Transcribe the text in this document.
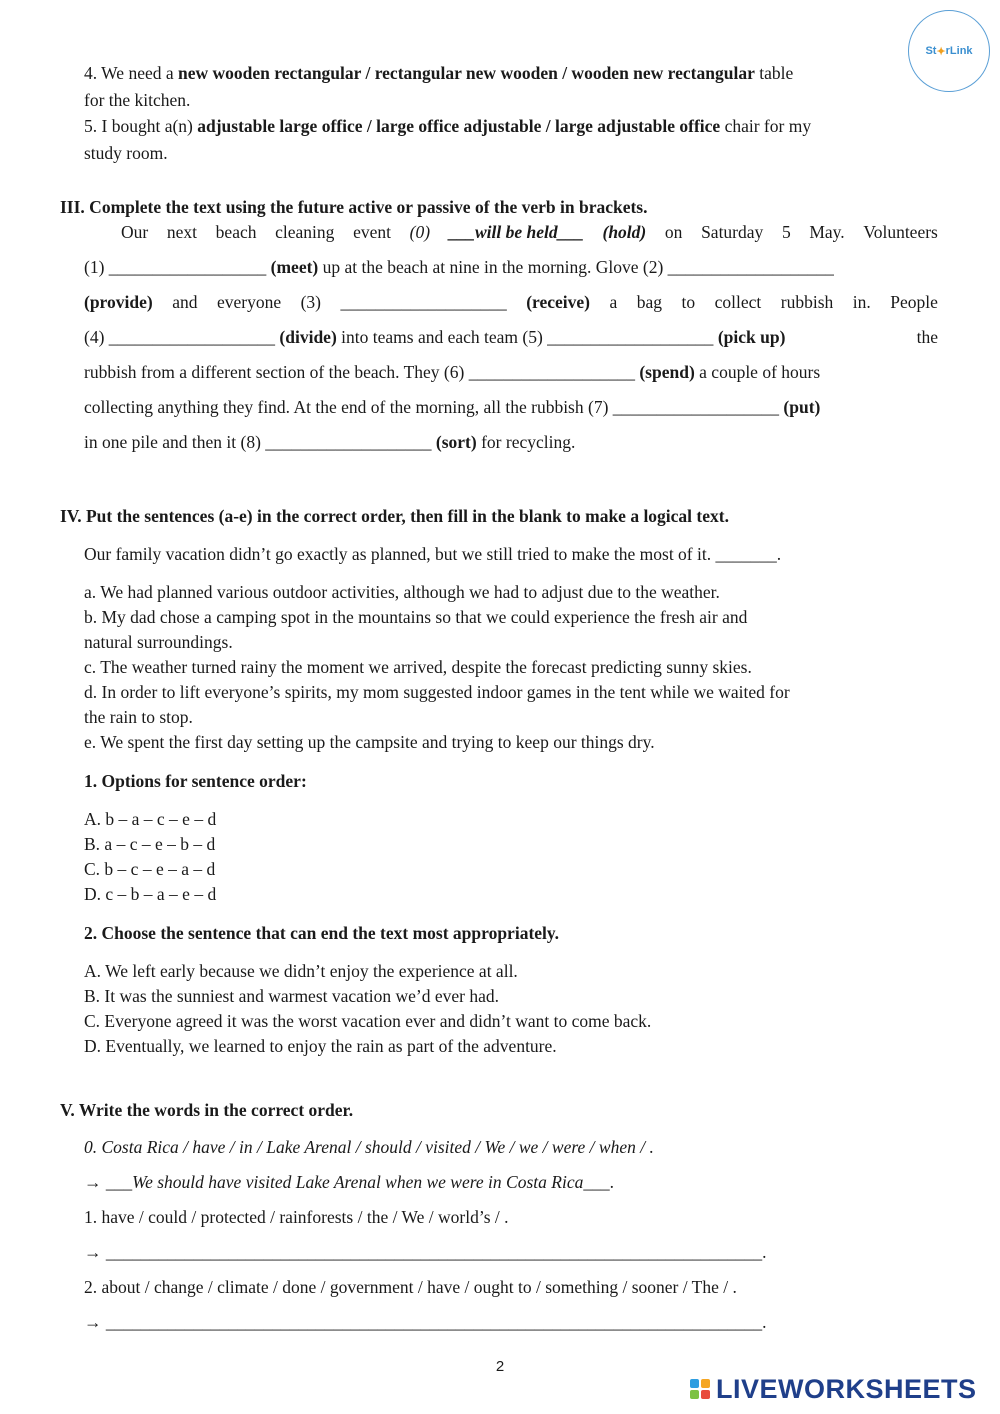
St ✦ rLink
4. We need a new wooden rectangular / rectangular new wooden / wooden new rectangular table
for the kitchen.
5. I bought a(n) adjustable large office / large office adjustable / large adjustable office chair for my
study room.
III. Complete the text using the future active or passive of the verb in brackets.
Our next beach cleaning event (0) ___will be held___ (hold) on Saturday 5 May. Volunteers
(1) __________________ (meet) up at the beach at nine in the morning. Glove (2) ___________________
(provide) and everyone (3) ___________________ (receive) a bag to collect rubbish in. People
(4) ___________________ (divide) into teams and each team (5) ___________________ (pick up)	the
rubbish from a different section of the beach. They (6) ___________________ (spend) a couple of hours
collecting anything they find. At the end of the morning, all the rubbish (7) ___________________ (put)
in one pile and then it (8) ___________________ (sort) for recycling.
IV. Put the sentences (a-e) in the correct order, then fill in the blank to make a logical text.
Our family vacation didn’t go exactly as planned, but we still tried to make the most of it. _______.
a. We had planned various outdoor activities, although we had to adjust due to the weather.
b. My dad chose a camping spot in the mountains so that we could experience the fresh air and
natural surroundings.
c. The weather turned rainy the moment we arrived, despite the forecast predicting sunny skies.
d. In order to lift everyone’s spirits, my mom suggested indoor games in the tent while we waited for
the rain to stop.
e. We spent the first day setting up the campsite and trying to keep our things dry.
1. Options for sentence order:
A. b – a – c – e – d
B. a – c – e – b – d
C. b – c – e – a – d
D. c – b – a – e – d
2. Choose the sentence that can end the text most appropriately.
A. We left early because we didn’t enjoy the experience at all.
B. It was the sunniest and warmest vacation we’d ever had.
C. Everyone agreed it was the worst vacation ever and didn’t want to come back.
D. Eventually, we learned to enjoy the rain as part of the adventure.
V. Write the words in the correct order.
0. Costa Rica / have / in / Lake Arenal / should / visited / We / we / were / when / .
→ ___We should have visited Lake Arenal when we were in Costa Rica___.
1. have / could / protected / rainforests / the / We / world’s / .
→ ___________________________________________________________________________.
2. about / change / climate / done / government / have / ought to / something / sooner / The / .
→ ___________________________________________________________________________.
2
LIVEWORKSHEETS
